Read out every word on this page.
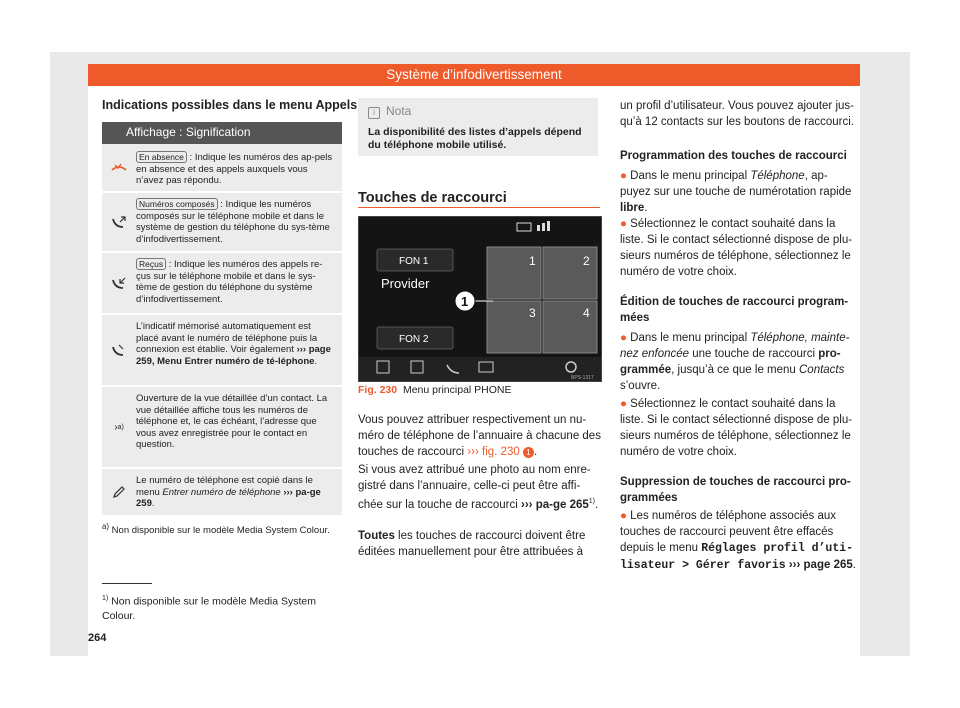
Système d’infodivertissement
Indications possibles dans le menu Appels
Affichage : Signification
En absence : Indique les numéros des ap-pels en absence et des appels auxquels vous n’avez pas répondu.
Numéros composés : Indique les numéros composés sur le téléphone mobile et dans le système de gestion du téléphone du sys-tème d’infodivertissement.
Reçus : Indique les numéros des appels re-çus sur le téléphone mobile et dans le sys-tème de gestion du téléphone du système d’infodivertissement.
L’indicatif mémorisé automatiquement est placé avant le numéro de téléphone puis la connexion est établie. Voir également ››› page 259, Menu Entrer numéro de té-léphone.
› a)
Ouverture de la vue détaillée d’un contact. La vue détaillée affiche tous les numéros de téléphone et, le cas échéant, l’adresse que vous avez enregistrée pour le contact en question.
Le numéro de téléphone est copié dans le menu Entrer numéro de téléphone ››› pa-ge 259.
$^{a)}$ Non disponible sur le modèle Media System Colour.
i Nota
La disponibilité des listes d’appels dépend du téléphone mobile utilisé.
Touches de raccourci
FON 1
Provider
FON 2
1	2
3	4
1
BPS-1317
Fig. 230 Menu principal PHONE
Vous pouvez attribuer respectivement un nu-méro de téléphone de l’annuaire à chacune des touches de raccourci ››› fig. 230 1 .
Si vous avez attribué une photo au nom enre-gistré dans l’annuaire, celle-ci peut être affi-chée sur la touche de raccourci ››› pa-ge 265$^{1)}$.
Toutes les touches de raccourci doivent être éditées manuellement pour être attribuées à
un profil d’utilisateur. Vous pouvez ajouter jus-qu’à 12 contacts sur les boutons de raccourci.
Programmation des touches de raccourci
● Dans le menu principal Téléphone, ap-puyez sur une touche de numérotation rapide libre.
● Sélectionnez le contact souhaité dans la liste. Si le contact sélectionné dispose de plu-sieurs numéros de téléphone, sélectionnez le numéro de votre choix.
Édition de touches de raccourci program-mées
● Dans le menu principal Téléphone, mainte-nez enfoncée une touche de raccourci pro-grammée, jusqu’à ce que le menu Contacts s’ouvre.
● Sélectionnez le contact souhaité dans la liste. Si le contact sélectionné dispose de plu-sieurs numéros de téléphone, sélectionnez le numéro de votre choix.
Suppression de touches de raccourci pro-grammées
● Les numéros de téléphone associés aux touches de raccourci peuvent être effacés depuis le menu Réglages profil d’uti-lisateur > Gérer favoris ››› page 265.
$^{1)}$ Non disponible sur le modèle Media System Colour.
264
